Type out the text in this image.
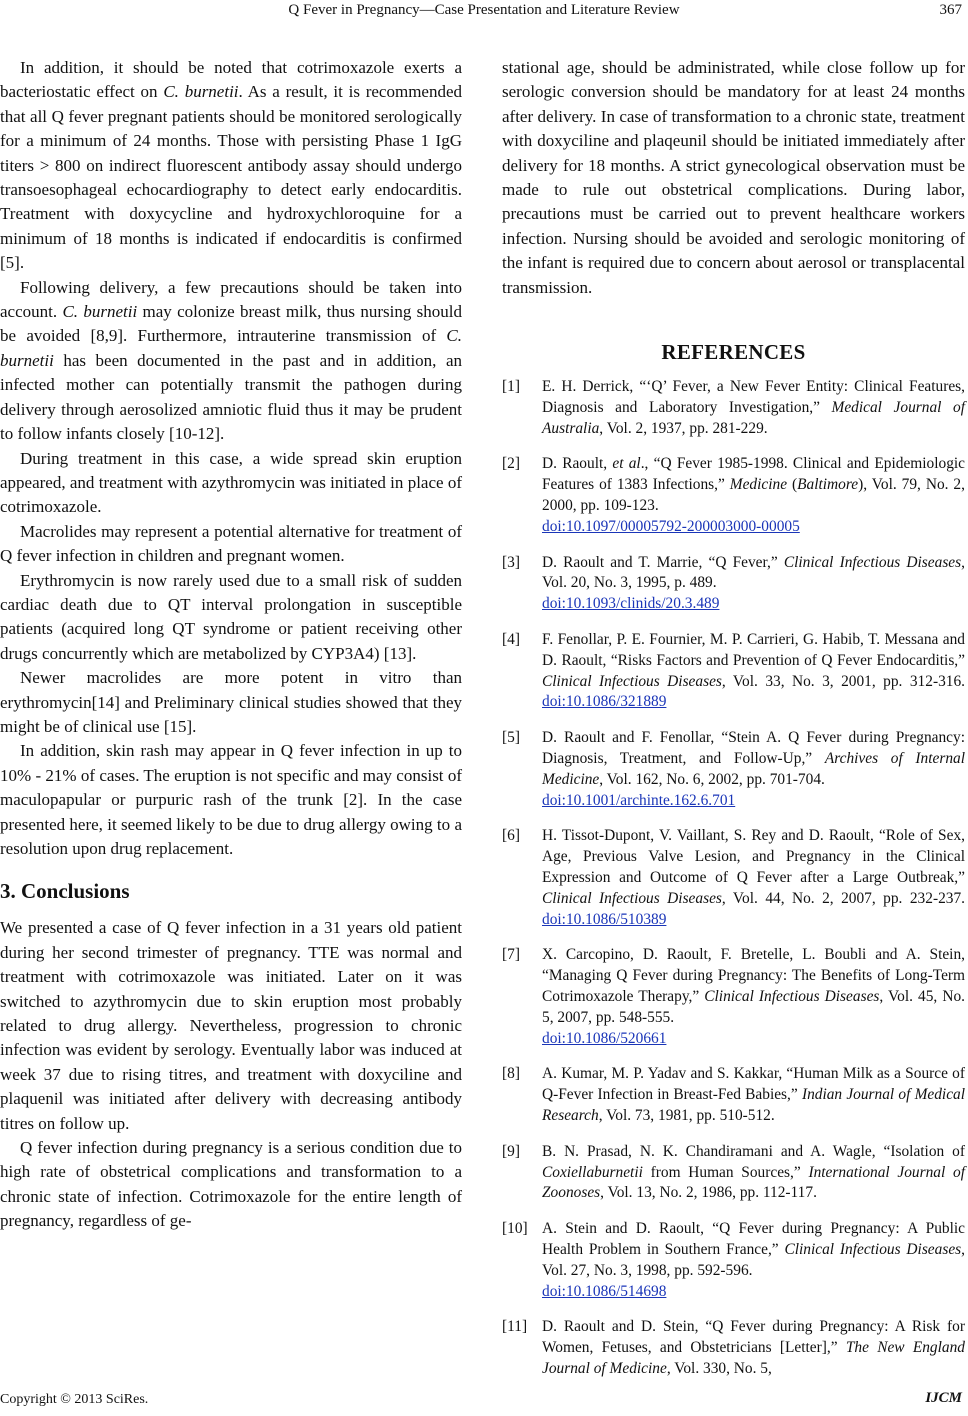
Q Fever in Pregnancy—Case Presentation and Literature Review	367

In addition, it should be noted that cotrimoxazole exerts a bacteriostatic effect on C. burnetii. As a result, it is recommended that all Q fever pregnant patients should be monitored serologically for a minimum of 24 months. Those with persisting Phase 1 IgG titers > 800 on indirect fluorescent antibody assay should undergo transoesophageal echocardiography to detect early endocarditis. Treatment with doxycycline and hydroxychloroquine for a minimum of 18 months is indicated if endocarditis is confirmed [5].

Following delivery, a few precautions should be taken into account. C. burnetii may colonize breast milk, thus nursing should be avoided [8,9]. Furthermore, intrauterine transmission of C. burnetii has been documented in the past and in addition, an infected mother can potentially transmit the pathogen during delivery through aerosolized amniotic fluid thus it may be prudent to follow infants closely [10-12].

During treatment in this case, a wide spread skin eruption appeared, and treatment with azythromycin was initiated in place of cotrimoxazole.

Macrolides may represent a potential alternative for treatment of Q fever infection in children and pregnant women.

Erythromycin is now rarely used due to a small risk of sudden cardiac death due to QT interval prolongation in susceptible patients (acquired long QT syndrome or patient receiving other drugs concurrently which are metabolized by CYP3A4) [13].

Newer macrolides are more potent in vitro than erythromycin[14] and Preliminary clinical studies showed that they might be of clinical use [15].

In addition, skin rash may appear in Q fever infection in up to 10% - 21% of cases. The eruption is not specific and may consist of maculopapular or purpuric rash of the trunk [2]. In the case presented here, it seemed likely to be due to drug allergy owing to a resolution upon drug replacement.

3. Conclusions

We presented a case of Q fever infection in a 31 years old patient during her second trimester of pregnancy. TTE was normal and treatment with cotrimoxazole was initiated. Later on it was switched to azythromycin due to skin eruption most probably related to drug allergy. Nevertheless, progression to chronic infection was evident by serology. Eventually labor was induced at week 37 due to rising titres, and treatment with doxyciline and plaquenil was initiated after delivery with decreasing antibody titres on follow up.

Q fever infection during pregnancy is a serious condition due to high rate of obstetrical complications and transformation to a chronic state of infection. Cotrimoxazole for the entire length of pregnancy, regardless of ge-

stational age, should be administrated, while close follow up for serologic conversion should be mandatory for at least 24 months after delivery. In case of transformation to a chronic state, treatment with doxyciline and plaqeunil should be initiated immediately after delivery for 18 months. A strict gynecological observation must be made to rule out obstetrical complications. During labor, precautions must be carried out to prevent healthcare workers infection. Nursing should be avoided and serologic monitoring of the infant is required due to concern about aerosol or transplacental transmission.

REFERENCES
[1] E. H. Derrick, “‘Q’ Fever, a New Fever Entity: Clinical Features, Diagnosis and Laboratory Investigation,” Medical Journal of Australia, Vol. 2, 1937, pp. 281-229.
[2] D. Raoult, et al., “Q Fever 1985-1998. Clinical and Epidemiologic Features of 1383 Infections,” Medicine (Baltimore), Vol. 79, No. 2, 2000, pp. 109-123.
doi:10.1097/00005792-200003000-00005
[3] D. Raoult and T. Marrie, “Q Fever,” Clinical Infectious Diseases, Vol. 20, No. 3, 1995, p. 489.
doi:10.1093/clinids/20.3.489
[4] F. Fenollar, P. E. Fournier, M. P. Carrieri, G. Habib, T. Messana and D. Raoult, “Risks Factors and Prevention of Q Fever Endocarditis,” Clinical Infectious Diseases, Vol. 33, No. 3, 2001, pp. 312-316. doi:10.1086/321889
[5] D. Raoult and F. Fenollar, “Stein A. Q Fever during Pregnancy: Diagnosis, Treatment, and Follow-Up,” Archives of Internal Medicine, Vol. 162, No. 6, 2002, pp. 701-704.
doi:10.1001/archinte.162.6.701
[6] H. Tissot-Dupont, V. Vaillant, S. Rey and D. Raoult, “Role of Sex, Age, Previous Valve Lesion, and Pregnancy in the Clinical Expression and Outcome of Q Fever after a Large Outbreak,” Clinical Infectious Diseases, Vol. 44, No. 2, 2007, pp. 232-237. doi:10.1086/510389
[7] X. Carcopino, D. Raoult, F. Bretelle, L. Boubli and A. Stein, “Managing Q Fever during Pregnancy: The Benefits of Long-Term Cotrimoxazole Therapy,” Clinical Infectious Diseases, Vol. 45, No. 5, 2007, pp. 548-555.
doi:10.1086/520661
[8] A. Kumar, M. P. Yadav and S. Kakkar, “Human Milk as a Source of Q-Fever Infection in Breast-Fed Babies,” Indian Journal of Medical Research, Vol. 73, 1981, pp. 510-512.
[9] B. N. Prasad, N. K. Chandiramani and A. Wagle, “Isolation of Coxiellaburnetii from Human Sources,” International Journal of Zoonoses, Vol. 13, No. 2, 1986, pp. 112-117.
[10] A. Stein and D. Raoult, “Q Fever during Pregnancy: A Public Health Problem in Southern France,” Clinical Infectious Diseases, Vol. 27, No. 3, 1998, pp. 592-596.
doi:10.1086/514698
[11] D. Raoult and D. Stein, “Q Fever during Pregnancy: A Risk for Women, Fetuses, and Obstetricians [Letter],” The New England Journal of Medicine, Vol. 330, No. 5,
Copyright © 2013 SciRes.	IJCM
